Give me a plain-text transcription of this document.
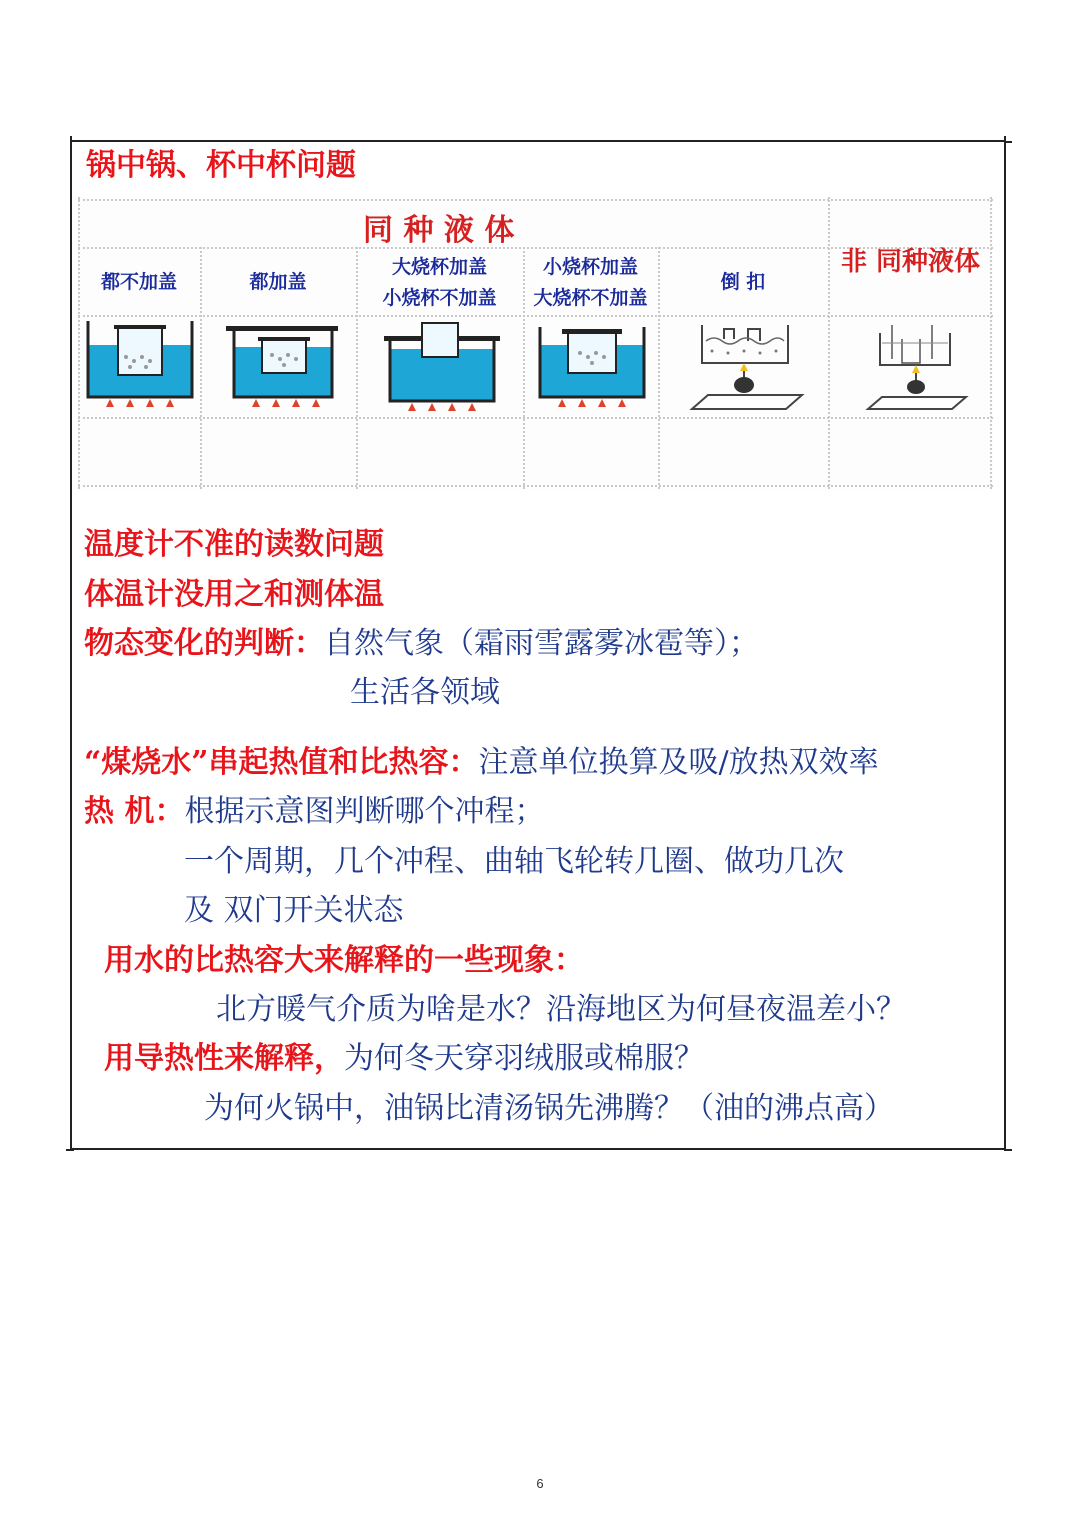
锅中锅、杯中杯问题
同 种 液 体
非 同种液体
都不加盖	都加盖
大烧杯加盖
小烧杯不加盖
小烧杯加盖
大烧杯不加盖
倒 扣
温度计不准的读数问题
体温计没用之和测体温
物态变化的判断：自然气象（霜雨雪露雾冰雹等）；
生活各领域
“煤烧水”串起热值和比热容：注意单位换算及吸/放热双效率
热 机：根据示意图判断哪个冲程；
一个周期，几个冲程、曲轴飞轮转几圈、做功几次
及 双门开关状态
用水的比热容大来解释的一些现象：
北方暖气介质为啥是水？沿海地区为何昼夜温差小？
用导热性来解释，为何冬天穿羽绒服或棉服？
为何火锅中，油锅比清汤锅先沸腾？（油的沸点高）
6
